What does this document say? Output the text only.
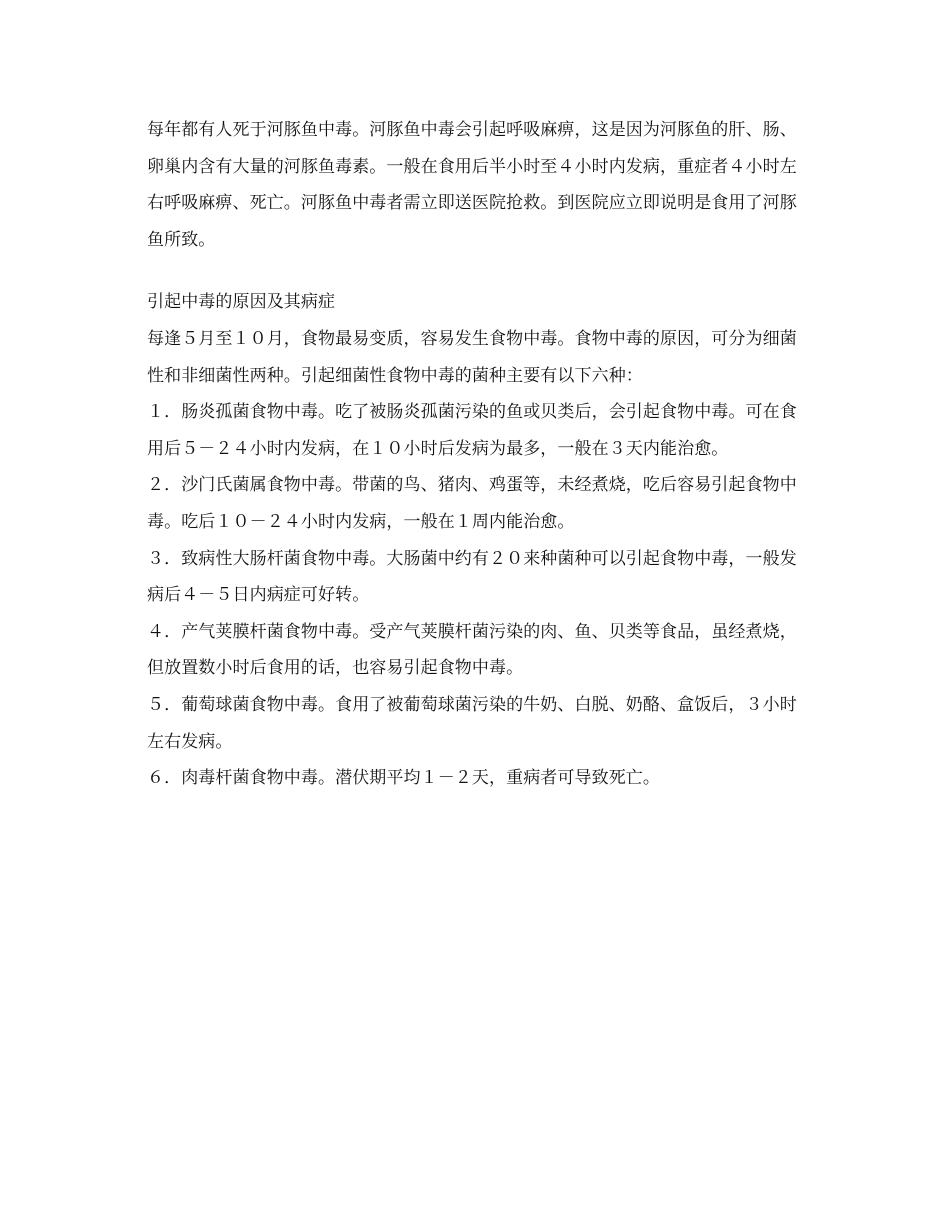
每年都有人死于河豚鱼中毒。河豚鱼中毒会引起呼吸麻痹，这是因为河豚鱼的肝、肠、卵巢内含有大量的河豚鱼毒素。一般在食用后半小时至４小时内发病，重症者４小时左右呼吸麻痹、死亡。河豚鱼中毒者需立即送医院抢救。到医院应立即说明是食用了河豚鱼所致。

引起中毒的原因及其病症

每逢５月至１０月，食物最易变质，容易发生食物中毒。食物中毒的原因，可分为细菌性和非细菌性两种。引起细菌性食物中毒的菌种主要有以下六种：

１．肠炎孤菌食物中毒。吃了被肠炎孤菌污染的鱼或贝类后，会引起食物中毒。可在食用后５－２４小时内发病，在１０小时后发病为最多，一般在３天内能治愈。

２．沙门氏菌属食物中毒。带菌的鸟、猪肉、鸡蛋等，未经煮烧，吃后容易引起食物中毒。吃后１０－２４小时内发病，一般在１周内能治愈。

３．致病性大肠杆菌食物中毒。大肠菌中约有２０来种菌种可以引起食物中毒，一般发病后４－５日内病症可好转。

４．产气荚膜杆菌食物中毒。受产气荚膜杆菌污染的肉、鱼、贝类等食品，虽经煮烧，但放置数小时后食用的话，也容易引起食物中毒。

５．葡萄球菌食物中毒。食用了被葡萄球菌污染的牛奶、白脱、奶酪、盒饭后，３小时左右发病。

６．肉毒杆菌食物中毒。潜伏期平均１－２天，重病者可导致死亡。
